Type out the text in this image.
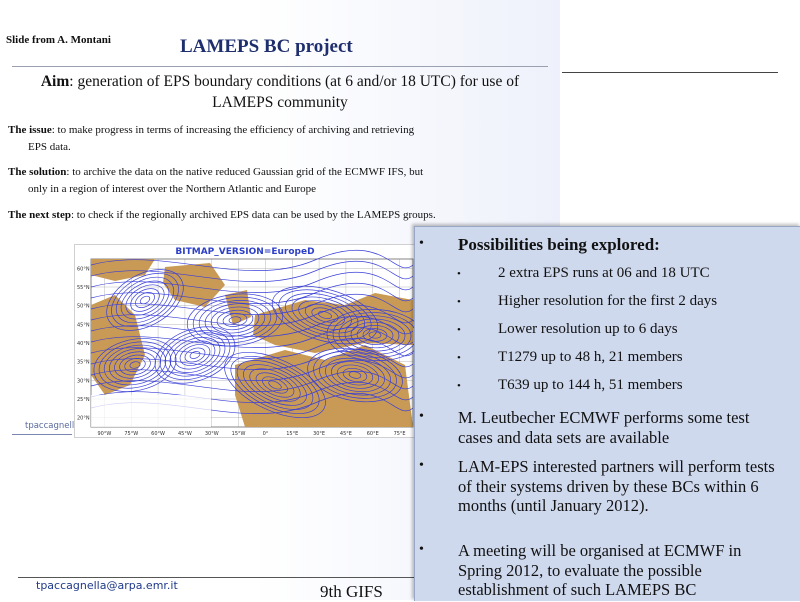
Slide from A. Montani	LAMEPS BC project
Aim: generation of EPS boundary conditions (at 6 and/or 18 UTC) for use of LAMEPS community
The issue: to make progress in terms of increasing the efficiency of archiving and retrieving
EPS data.
The solution: to archive the data on the native reduced Gaussian grid of the ECMWF IFS, but
only in a region of interest over the Northern Atlantic and Europe
The next step: to check if the regionally archived EPS data can be used by the LAMEPS groups.
60°N
55°N
50°N
45°N
40°N
35°N
30°N
25°N
20°N
90°W	75°W	60°W	45°W	30°W	15°W	0°	15°E	30°E	45°E	60°E	75°E
BITMAP_VERSION=EuropeD
tpaccagnell
tpaccagnella@arpa.emr.it	9th GIFS
• Possibilities being explored:
• 2 extra EPS runs at 06 and 18 UTC
• Higher resolution for the first 2 days
• Lower resolution up to 6 days
• T1279 up to 48 h, 21 members
• T639 up to 144 h, 51 members
• M. Leutbecher ECMWF performs some test cases and data sets are available
• LAM-EPS interested partners will perform tests of their systems driven by these BCs within 6 months (until January 2012).
• A meeting will be organised at ECMWF in Spring 2012, to evaluate the possible establishment of such LAMEPS BC
